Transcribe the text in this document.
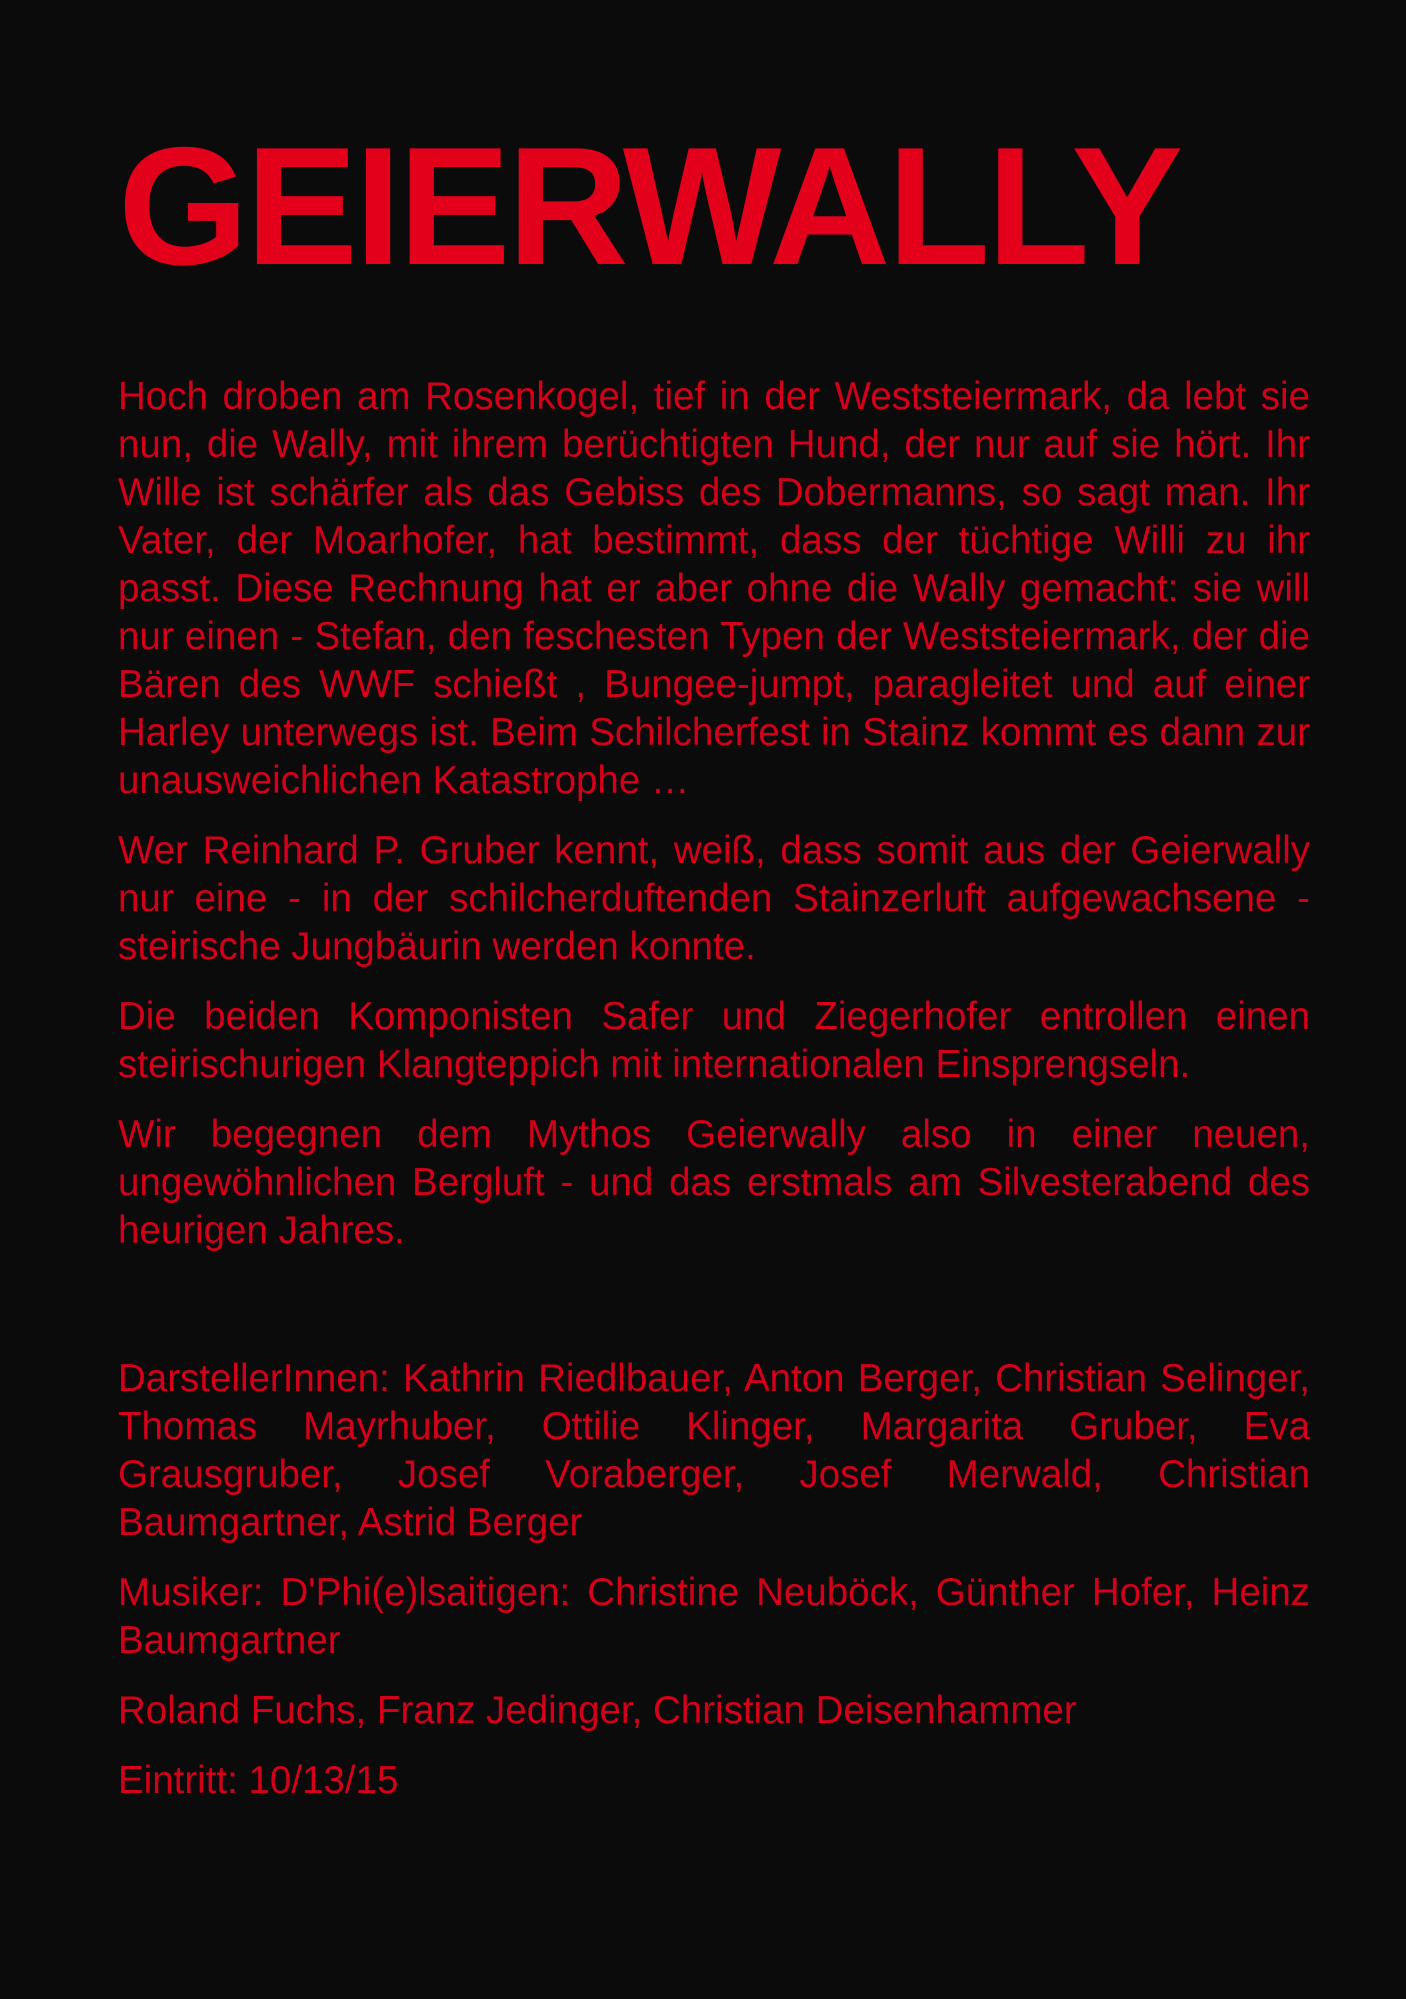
GEIERWALLY

Hoch droben am Rosenkogel, tief in der Weststeiermark, da lebt sie nun, die Wally, mit ihrem berüchtigten Hund, der nur auf sie hört. Ihr Wille ist schärfer als das Gebiss des Dobermanns, so sagt man. Ihr Vater, der Moarhofer, hat bestimmt, dass der tüchtige Willi zu ihr passt. Diese Rechnung hat er aber ohne die Wally gemacht: sie will nur einen - Stefan, den feschesten Typen der Weststeiermark, der die Bären des WWF schießt , Bungee-jumpt, paragleitet und auf einer Harley unterwegs ist. Beim Schilcherfest in Stainz kommt es dann zur unausweichlichen Katastrophe …

Wer Reinhard P. Gruber kennt, weiß, dass somit aus der Geierwally nur eine - in der schilcherduftenden Stainzerluft aufgewachsene - steirische Jungbäurin werden konnte.

Die beiden Komponisten Safer und Ziegerhofer entrollen einen steirischurigen Klangteppich mit internationalen Einsprengseln.

Wir begegnen dem Mythos Geierwally also in einer neuen, ungewöhnlichen Bergluft - und das erstmals am Silvesterabend des heurigen Jahres.

DarstellerInnen: Kathrin Riedlbauer, Anton Berger, Christian Selinger, Thomas Mayrhuber, Ottilie Klinger, Margarita Gruber, Eva Grausgruber, Josef Voraberger, Josef Merwald, Christian Baumgartner, Astrid Berger

Musiker: D'Phi(e)lsaitigen: Christine Neuböck, Günther Hofer, Heinz Baumgartner

Roland Fuchs, Franz Jedinger, Christian Deisenhammer

Eintritt: 10/13/15
